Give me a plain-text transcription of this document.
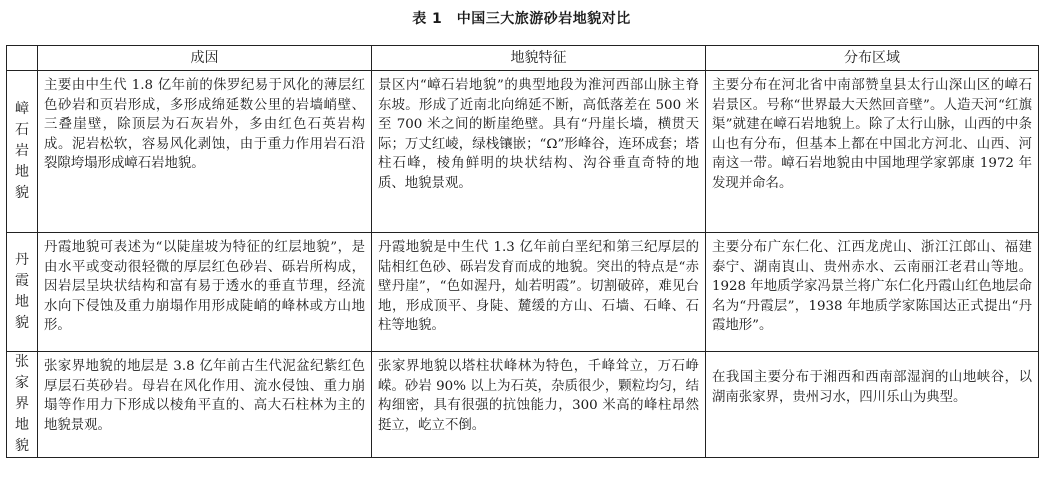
表 1　中国三大旅游砂岩地貌对比
	成因	地貌特征	分布区域
嶂石岩地貌	主要由中生代 1.8 亿年前的侏罗纪易于风化的薄层红色砂岩和页岩形成，多形成绵延数公里的岩墙峭壁、三叠崖壁，除顶层为石灰岩外，多由红色石英岩构成。泥岩松软，容易风化剥蚀，由于重力作用岩石沿裂隙垮塌形成嶂石岩地貌。	景区内“嶂石岩地貌”的典型地段为淮河西部山脉主脊东坡。形成了近南北向绵延不断，高低落差在 500 米至 700 米之间的断崖绝壁。具有“丹崖长墙，横贯天际；万丈红崚，绿栈镶嵌；“Ω”形峰谷，连环成套；塔柱石峰，棱角鲜明的块状结构、沟谷垂直奇特的地质、地貌景观。	主要分布在河北省中南部赞皇县太行山深山区的嶂石岩景区。号称“世界最大天然回音壁”。人造天河“红旗渠”就建在嶂石岩地貌上。除了太行山脉，山西的中条山也有分布，但基本上都在中国北方河北、山西、河南这一带。嶂石岩地貌由中国地理学家郭康 1972 年发现并命名。
丹霞地貌	丹霞地貌可表述为“以陡崖坡为特征的红层地貌”，是由水平或变动很轻微的厚层红色砂岩、砾岩所构成，因岩层呈块状结构和富有易于透水的垂直节理，经流水向下侵蚀及重力崩塌作用形成陡峭的峰林或方山地形。	丹霞地貌是中生代 1.3 亿年前白垩纪和第三纪厚层的陆相红色砂、砾岩发育而成的地貌。突出的特点是“赤壁丹崖”，“色如渥丹，灿若明霞”。切割破碎，难见台地，形成顶平、身陡、麓缓的方山、石墙、石峰、石柱等地貌。	主要分布广东仁化、江西龙虎山、浙江江郎山、福建泰宁、湖南崀山、贵州赤水、云南丽江老君山等地。1928 年地质学家冯景兰将广东仁化丹霞山红色地层命名为“丹霞层”，1938 年地质学家陈国达正式提出“丹霞地形”。
张家界地貌	张家界地貌的地层是 3.8 亿年前古生代泥盆纪紫红色厚层石英砂岩。母岩在风化作用、流水侵蚀、重力崩塌等作用力下形成以棱角平直的、高大石柱林为主的地貌景观。	张家界地貌以塔柱状峰林为特色，千峰耸立，万石峥嵘。砂岩 90% 以上为石英，杂质很少，颗粒均匀，结构细密，具有很强的抗蚀能力，300 米高的峰柱昂然挺立，屹立不倒。	在我国主要分布于湘西和西南部湿润的山地峡谷，以湖南张家界，贵州习水，四川乐山为典型。
